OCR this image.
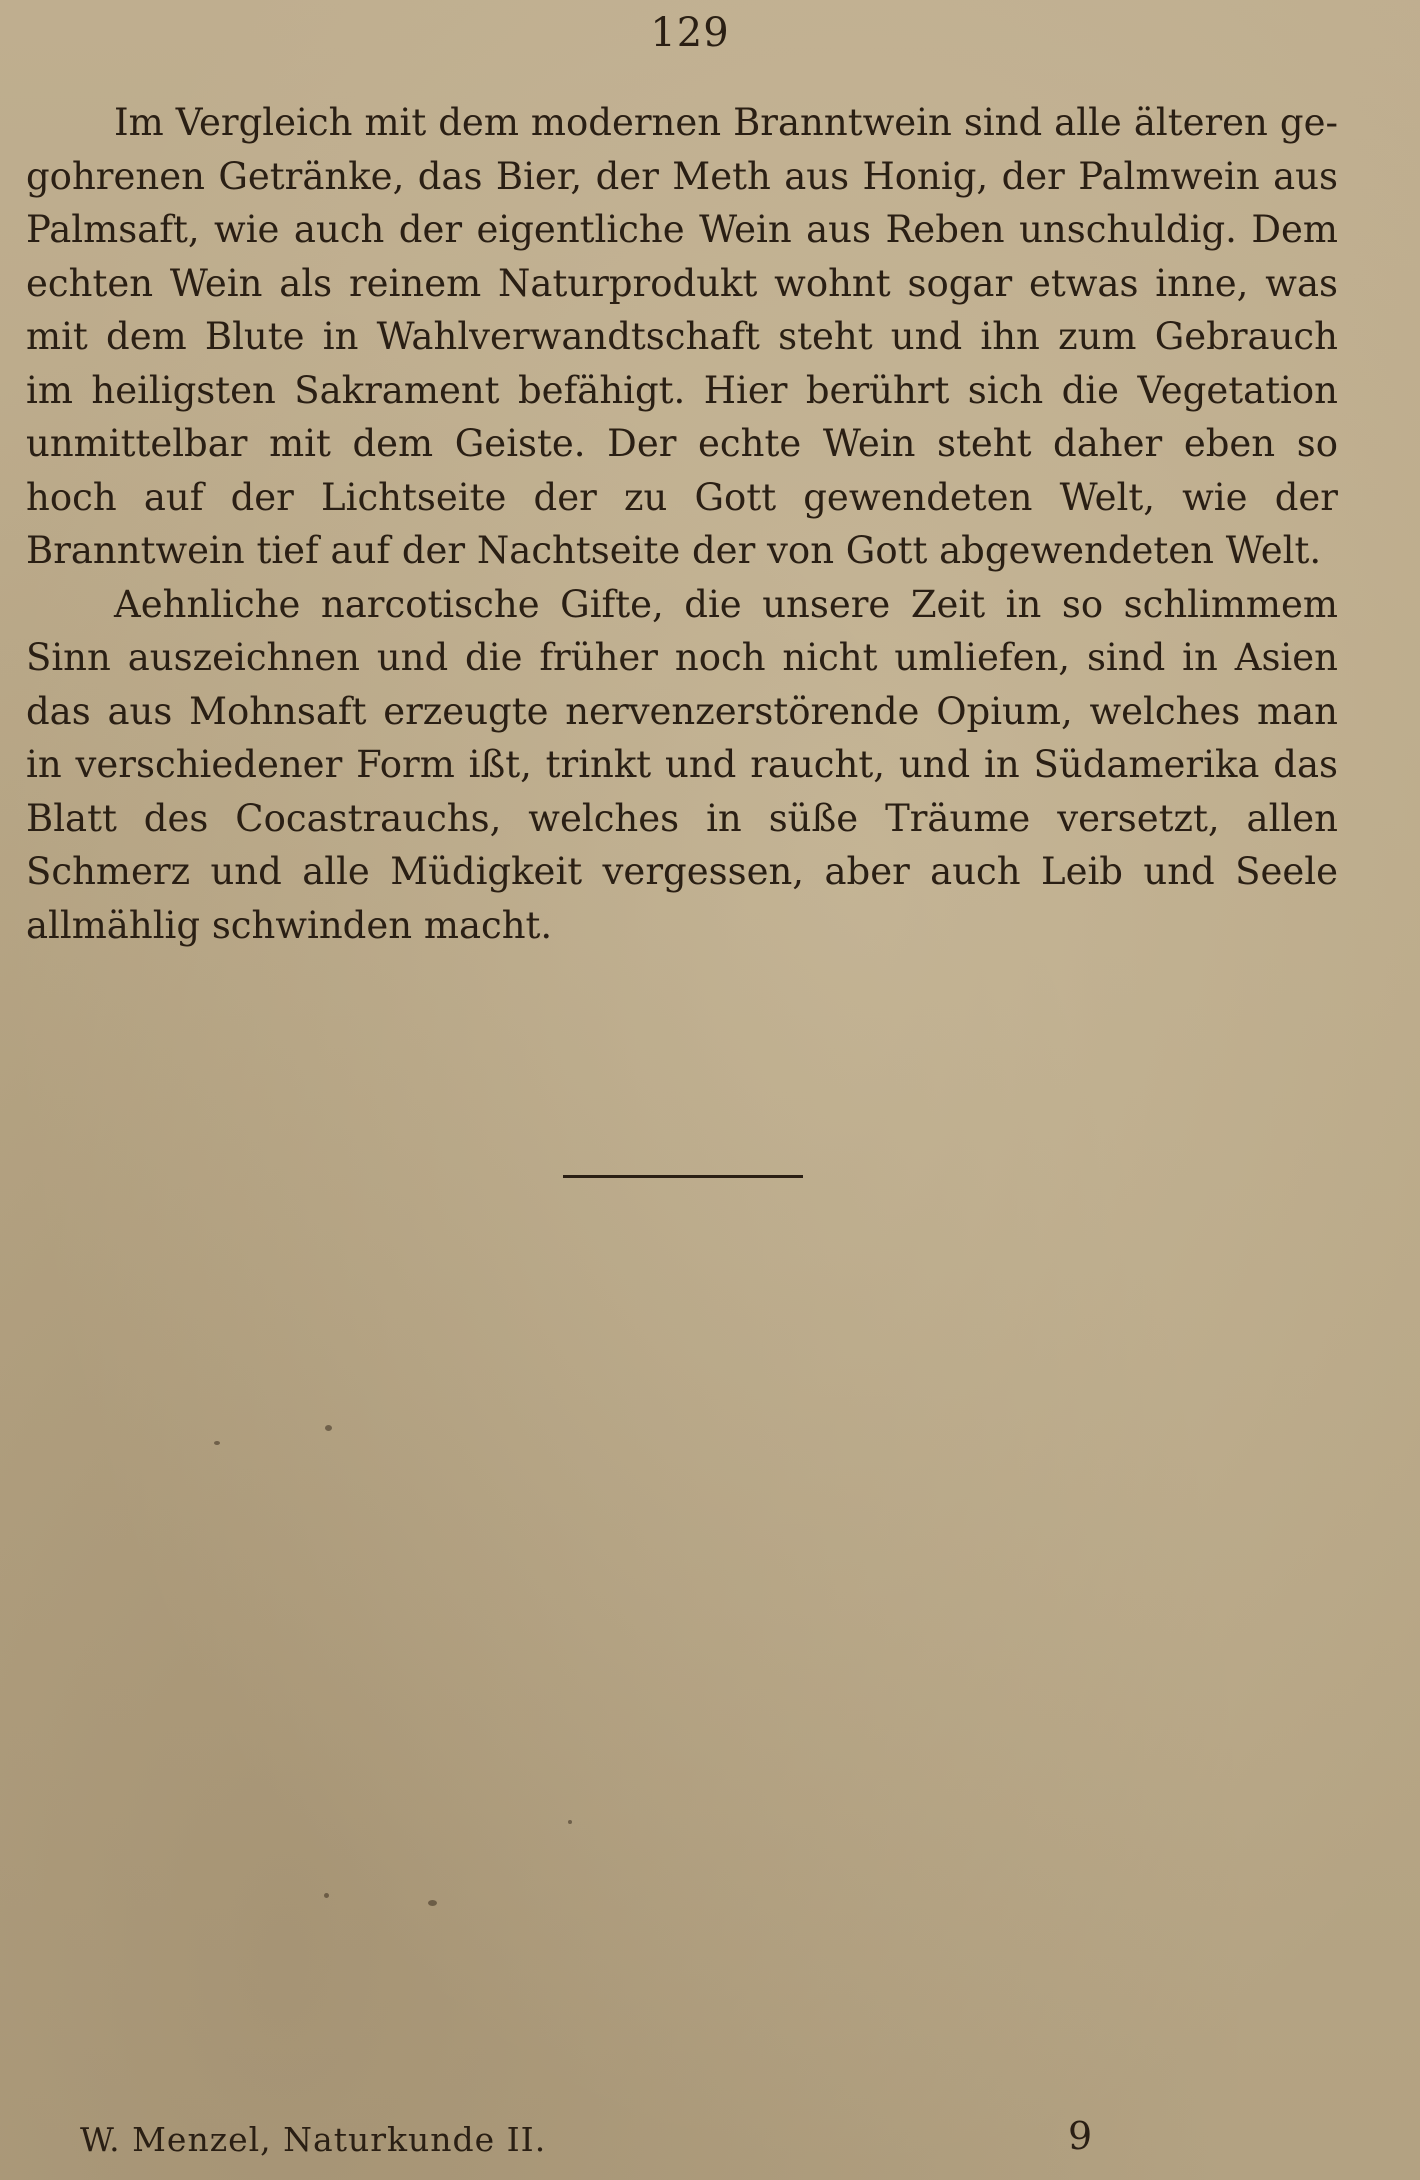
129

Im Vergleich mit dem modernen Branntwein sind alle älteren gegohrenen Getränke, das Bier, der Meth aus Honig, der Palmwein aus Palmsaft, wie auch der eigentliche Wein aus Reben unschuldig. Dem echten Wein als reinem Naturprodukt wohnt sogar etwas inne, was mit dem Blute in Wahlverwandtschaft steht und ihn zum Gebrauch im heiligsten Sakrament befähigt. Hier berührt sich die Vegetation unmittelbar mit dem Geiste. Der echte Wein steht daher eben so hoch auf der Lichtseite der zu Gott gewendeten Welt, wie der Branntwein tief auf der Nachtseite der von Gott abgewendeten Welt.

Aehnliche narcotische Gifte, die unsere Zeit in so schlimmem Sinn auszeichnen und die früher noch nicht umliefen, sind in Asien das aus Mohnsaft erzeugte nervenzerstörende Opium, welches man in verschiedener Form ißt, trinkt und raucht, und in Südamerika das Blatt des Cocastrauchs, welches in süße Träume versetzt, allen Schmerz und alle Müdigkeit vergessen, aber auch Leib und Seele allmählig schwinden macht.

W. Menzel, Naturkunde II.	9
